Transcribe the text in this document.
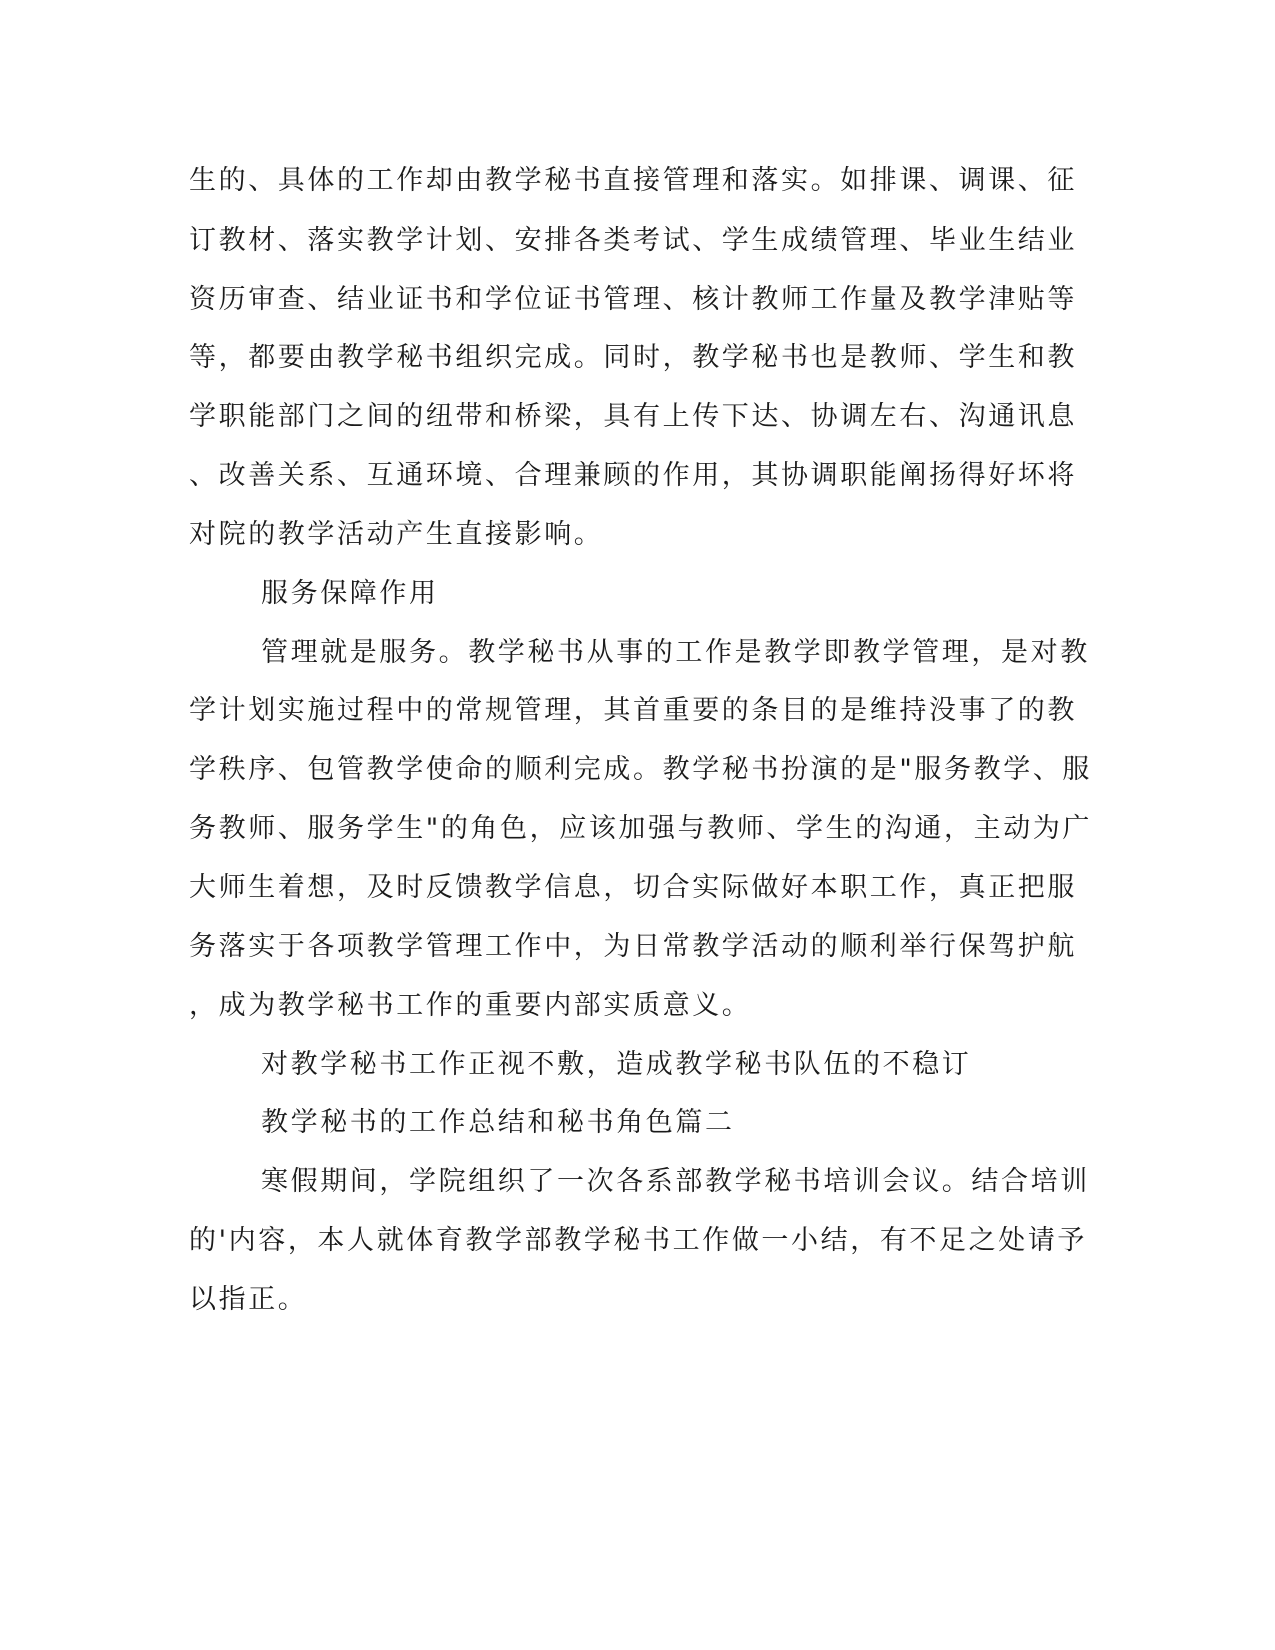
生的、具体的工作却由教学秘书直接管理和落实。如排课、调课、征
订教材、落实教学计划、安排各类考试、学生成绩管理、毕业生结业
资历审查、结业证书和学位证书管理、核计教师工作量及教学津贴等
等，都要由教学秘书组织完成。同时，教学秘书也是教师、学生和教
学职能部门之间的纽带和桥梁，具有上传下达、协调左右、沟通讯息
、改善关系、互通环境、合理兼顾的作用，其协调职能阐扬得好坏将
对院的教学活动产生直接影响。
服务保障作用
管理就是服务。教学秘书从事的工作是教学即教学管理，是对教
学计划实施过程中的常规管理，其首重要的条目的是维持没事了的教
学秩序、包管教学使命的顺利完成。教学秘书扮演的是"服务教学、服
务教师、服务学生"的角色，应该加强与教师、学生的沟通，主动为广
大师生着想，及时反馈教学信息，切合实际做好本职工作，真正把服
务落实于各项教学管理工作中，为日常教学活动的顺利举行保驾护航
，成为教学秘书工作的重要内部实质意义。
对教学秘书工作正视不敷，造成教学秘书队伍的不稳订
教学秘书的工作总结和秘书角色篇二
寒假期间，学院组织了一次各系部教学秘书培训会议。结合培训
的'内容，本人就体育教学部教学秘书工作做一小结，有不足之处请予
以指正。
